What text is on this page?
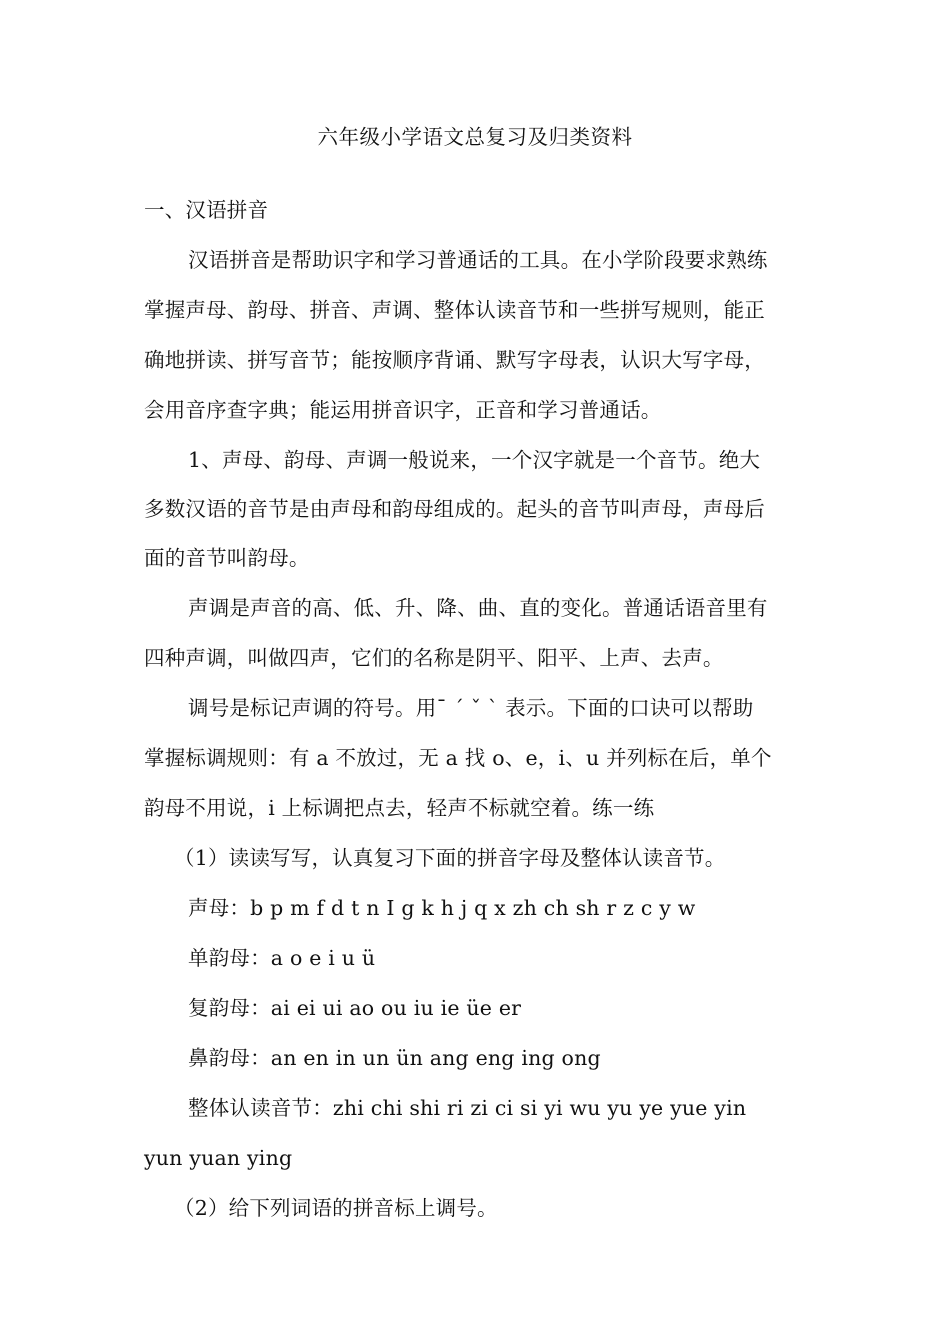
六年级小学语文总复习及归类资料
一、汉语拼音
汉语拼音是帮助识字和学习普通话的工具。在小学阶段要求熟练
掌握声母、韵母、拼音、声调、整体认读音节和一些拼写规则，能正
确地拼读、拼写音节；能按顺序背诵、默写字母表，认识大写字母，
会用音序查字典；能运用拼音识字，正音和学习普通话。
1、声母、韵母、声调一般说来，一个汉字就是一个音节。绝大
多数汉语的音节是由声母和韵母组成的。起头的音节叫声母，声母后
面的音节叫韵母。
声调是声音的高、低、升、降、曲、直的变化。普通话语音里有
四种声调，叫做四声，它们的名称是阴平、阳平、上声、去声。
调号是标记声调的符号。用ˉ ˊ ˇ ˋ 表示。下面的口诀可以帮助
掌握标调规则：有 a 不放过，无 a 找 o、e，i、u 并列标在后，单个
韵母不用说，i 上标调把点去，轻声不标就空着。练一练
（1）读读写写，认真复习下面的拼音字母及整体认读音节。
声母：b p m f d t n I g k h j q x zh ch sh r z c y w
单韵母：a o e i u ü
复韵母：ai ei ui ao ou iu ie üe er
鼻韵母：an en in un ün ang eng ing ong
整体认读音节：zhi chi shi ri zi ci si yi wu yu ye yue yin
yun yuan ying
（2）给下列词语的拼音标上调号。
